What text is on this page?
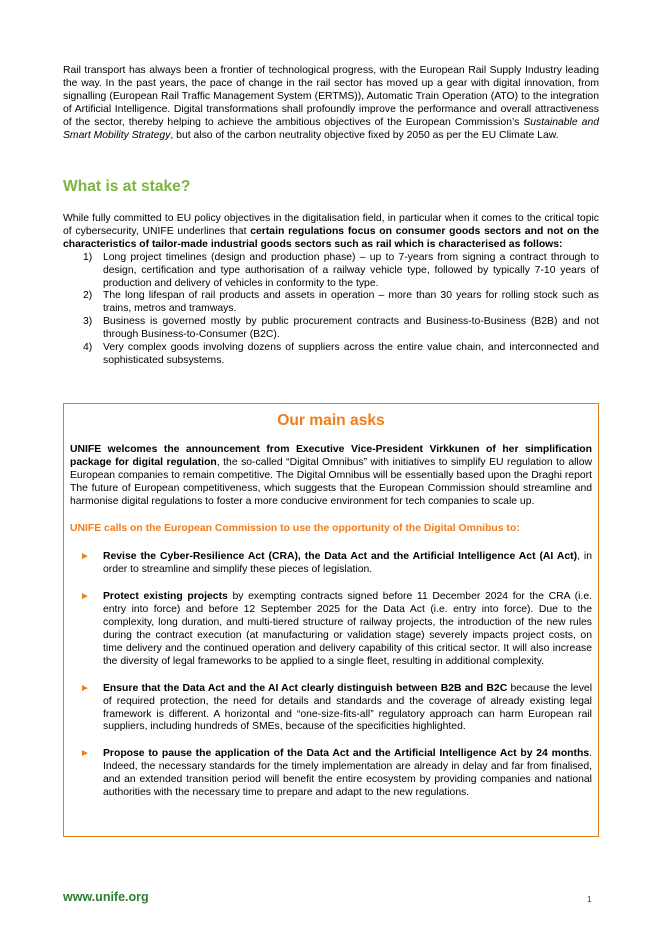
Rail transport has always been a frontier of technological progress, with the European Rail Supply Industry leading the way. In the past years, the pace of change in the rail sector has moved up a gear with digital innovation, from signalling (European Rail Traffic Management System (ERTMS)), Automatic Train Operation (ATO) to the integration of Artificial Intelligence. Digital transformations shall profoundly improve the performance and overall attractiveness of the sector, thereby helping to achieve the ambitious objectives of the European Commission’s Sustainable and Smart Mobility Strategy, but also of the carbon neutrality objective fixed by 2050 as per the EU Climate Law.

What is at stake?

While fully committed to EU policy objectives in the digitalisation field, in particular when it comes to the critical topic of cybersecurity, UNIFE underlines that certain regulations focus on consumer goods sectors and not on the characteristics of tailor-made industrial goods sectors such as rail which is characterised as follows:

1) Long project timelines (design and production phase) – up to 7-years from signing a contract through to design, certification and type authorisation of a railway vehicle type, followed by typically 7-10 years of production and delivery of vehicles in conformity to the type.
2) The long lifespan of rail products and assets in operation – more than 30 years for rolling stock such as trains, metros and tramways.
3) Business is governed mostly by public procurement contracts and Business-to-Business (B2B) and not through Business-to-Consumer (B2C).
4) Very complex goods involving dozens of suppliers across the entire value chain, and interconnected and sophisticated subsystems.
Our main asks

UNIFE welcomes the announcement from Executive Vice-President Virkkunen of her simplification package for digital regulation, the so-called “Digital Omnibus” with initiatives to simplify EU regulation to allow European companies to remain competitive. The Digital Omnibus will be essentially based upon the Draghi report The future of European competitiveness, which suggests that the European Commission should streamline and harmonise digital regulations to foster a more conducive environment for tech companies to scale up.

UNIFE calls on the European Commission to use the opportunity of the Digital Omnibus to:
► Revise the Cyber-Resilience Act (CRA), the Data Act and the Artificial Intelligence Act (AI Act), in order to streamline and simplify these pieces of legislation.
► Protect existing projects by exempting contracts signed before 11 December 2024 for the CRA (i.e. entry into force) and before 12 September 2025 for the Data Act (i.e. entry into force). Due to the complexity, long duration, and multi-tiered structure of railway projects, the introduction of the new rules during the contract execution (at manufacturing or validation stage) severely impacts project costs, on time delivery and the continued operation and delivery capability of this critical sector. It will also increase the diversity of legal frameworks to be applied to a single fleet, resulting in additional complexity.
► Ensure that the Data Act and the AI Act clearly distinguish between B2B and B2C because the level of required protection, the need for details and standards and the coverage of already existing legal framework is different. A horizontal and “one-size-fits-all” regulatory approach can harm European rail suppliers, including hundreds of SMEs, because of the specificities highlighted.
► Propose to pause the application of the Data Act and the Artificial Intelligence Act by 24 months. Indeed, the necessary standards for the timely implementation are already in delay and far from finalised, and an extended transition period will benefit the entire ecosystem by providing companies and national authorities with the necessary time to prepare and adapt to the new regulations.
www.unife.org	1
